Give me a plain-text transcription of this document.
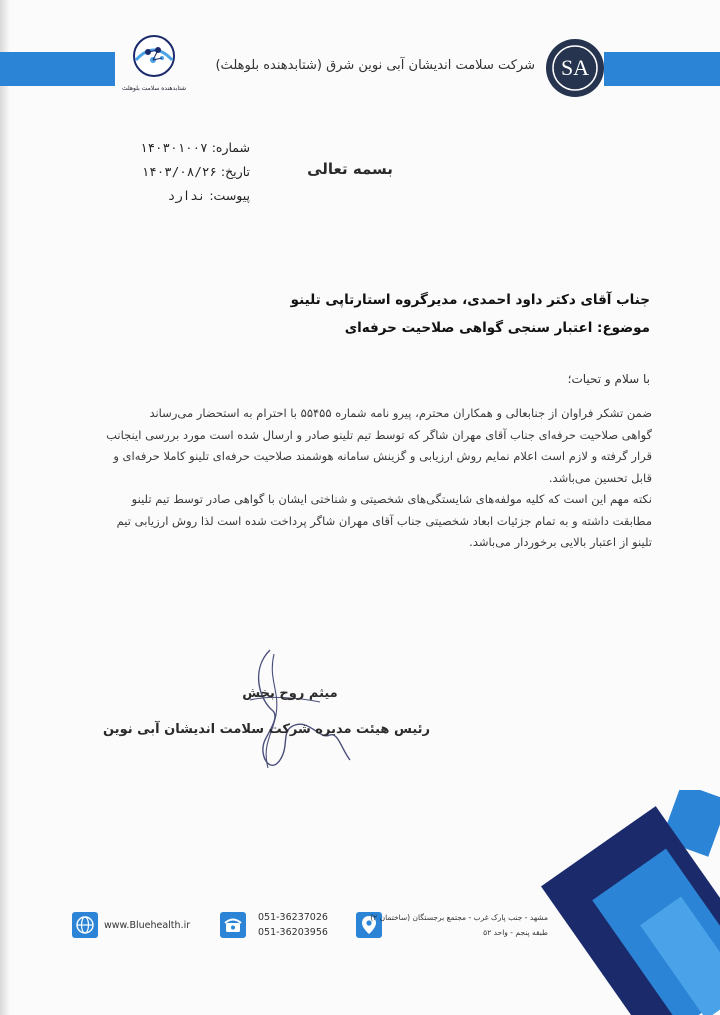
SA
شرکت سلامت اندیشان آبی نوین شرق (شتابدهنده بلوهلث)
شتابدهنده سلامت بلوهلث
شماره: ۱۴۰۳۰۱۰۰۷
تاریخ: ۱۴۰۳/۰۸/۲۶
پیوست: ندارد
بسمه تعالی
جناب آقای دکتر داود احمدی، مدیرگروه استارتاپی تلینو
موضوع: اعتبار سنجی گواهی صلاحیت حرفه‌ای
با سلام و تحیات؛
ضمن تشکر فراوان از جنابعالی و همکاران محترم، پیرو نامه شماره ۵۵۴۵۵ با احترام به استحضار می‌رساند
گواهی صلاحیت حرفه‌ای جناب آقای مهران شاگر که توسط تیم تلینو صادر و ارسال شده است مورد بررسی اینجانب
قرار گرفته و لازم است اعلام نمایم روش ارزیابی و گزینش سامانه هوشمند صلاحیت حرفه‌ای تلینو کاملا حرفه‌ای و
قابل تحسین می‌باشد.
نکته مهم این است که کلیه مولفه‌های شایستگی‌های شخصیتی و شناختی ایشان با گواهی صادر توسط تیم تلینو
مطابقت داشته و به تمام جزئیات ابعاد شخصیتی جناب آقای مهران شاگر پرداخت شده است لذا روش ارزیابی تیم
تلینو از اعتبار بالایی برخوردار می‌باشد.
میثم روح بخش
رئیس هیئت مدیره شرکت سلامت اندیشان آبی نوین
www.Bluehealth.ir
051-36237026
051-36203956
مشهد - جنب پارک غرب - مجتمع برجستگان (ساختمان ۲)
طبقه پنجم - واحد ۵۲
